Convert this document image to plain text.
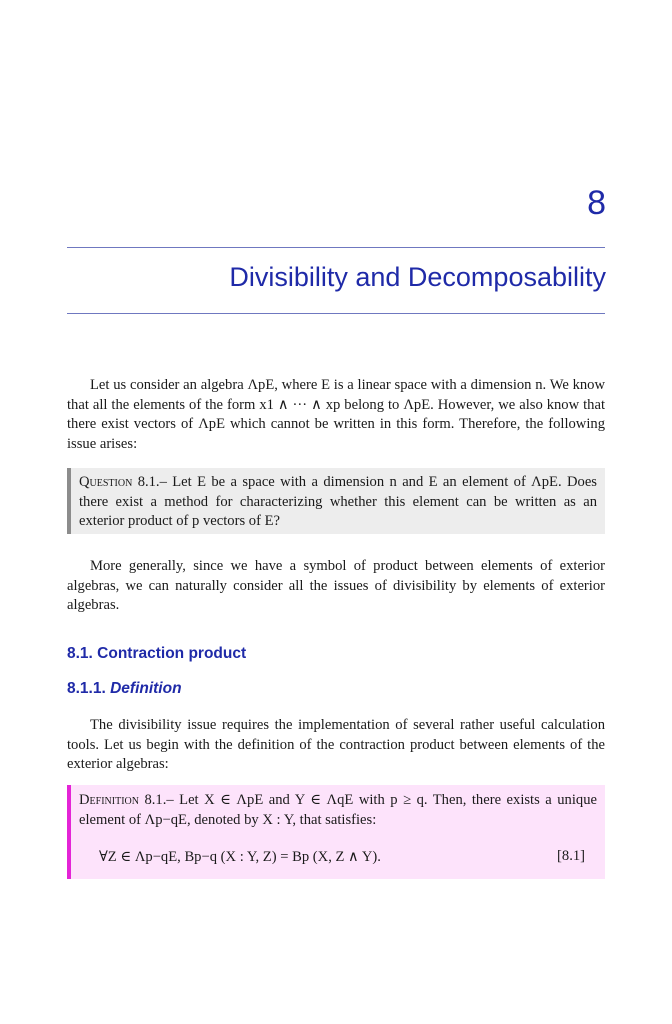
8
Divisibility and Decomposability

Let us consider an algebra ΛpE, where E is a linear space with a dimension n. We know that all the elements of the form x1 ∧ ··· ∧ xp belong to ΛpE. However, we also know that there exist vectors of ΛpE which cannot be written in this form. Therefore, the following issue arises:

Question 8.1.– Let E be a space with a dimension n and E an element of ΛpE. Does there exist a method for characterizing whether this element can be written as an exterior product of p vectors of E?

More generally, since we have a symbol of product between elements of exterior algebras, we can naturally consider all the issues of divisibility by elements of exterior algebras.

8.1. Contraction product
8.1.1. Definition

The divisibility issue requires the implementation of several rather useful calculation tools. Let us begin with the definition of the contraction product between elements of the exterior algebras:

Definition 8.1.– Let X ∈ ΛpE and Y ∈ ΛqE with p ≥ q. Then, there exists a unique element of Λp−qE, denoted by X : Y, that satisfies:

∀Z ∈ Λp−qE, Bp−q (X : Y, Z) = Bp (X, Z ∧ Y).	[8.1]
